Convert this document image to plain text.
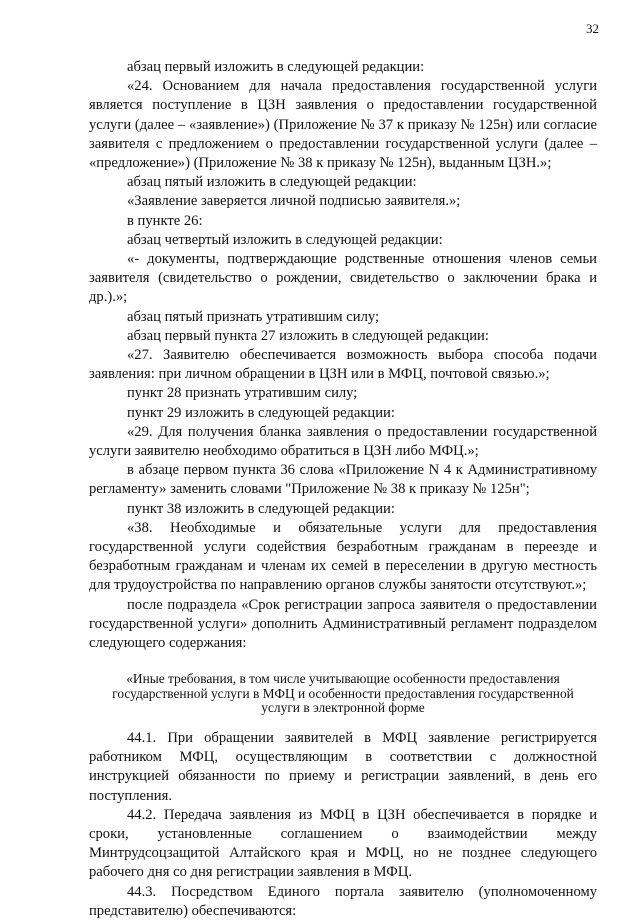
32

абзац первый изложить в следующей редакции:

«24. Основанием для начала предоставления государственной услуги является поступление в ЦЗН заявления о предоставлении государственной услуги (далее – «заявление») (Приложение № 37 к приказу № 125н) или согласие заявителя с предложением о предоставлении государственной услуги (далее – «предложение») (Приложение № 38 к приказу № 125н), выданным ЦЗН.»;

абзац пятый изложить в следующей редакции:

«Заявление заверяется личной подписью заявителя.»;

в пункте 26:

абзац четвертый изложить в следующей редакции:

«- документы, подтверждающие родственные отношения членов семьи заявителя (свидетельство о рождении, свидетельство о заключении брака и др.).»;

абзац пятый признать утратившим силу;

абзац первый пункта 27 изложить в следующей редакции:

«27. Заявителю обеспечивается возможность выбора способа подачи заявления: при личном обращении в ЦЗН или в МФЦ, почтовой связью.»;

пункт 28 признать утратившим силу;

пункт 29 изложить в следующей редакции:

«29. Для получения бланка заявления о предоставлении государственной услуги заявителю необходимо обратиться в ЦЗН либо МФЦ.»;

в абзаце первом пункта 36 слова «Приложение N 4 к Административному регламенту» заменить словами "Приложение № 38 к приказу № 125н";

пункт 38 изложить в следующей редакции:

«38. Необходимые и обязательные услуги для предоставления государственной услуги содействия безработным гражданам в переезде и безработным гражданам и членам их семей в переселении в другую местность для трудоустройства по направлению органов службы занятости отсутствуют.»;

после подраздела «Срок регистрации запроса заявителя о предоставлении государственной услуги» дополнить Административный регламент подразделом следующего содержания:

«Иные требования, в том числе учитывающие особенности предоставления государственной услуги в МФЦ и особенности предоставления государственной услуги в электронной форме

44.1. При обращении заявителей в МФЦ заявление регистрируется работником МФЦ, осуществляющим в соответствии с должностной инструкцией обязанности по приему и регистрации заявлений, в день его поступления.

44.2. Передача заявления из МФЦ в ЦЗН обеспечивается в порядке и сроки, установленные соглашением о взаимодействии между Минтрудсоцзащитой Алтайского края и МФЦ, но не позднее следующего рабочего дня со дня регистрации заявления в МФЦ.

44.3. Посредством Единого портала заявителю (уполномоченному представителю) обеспечиваются:
